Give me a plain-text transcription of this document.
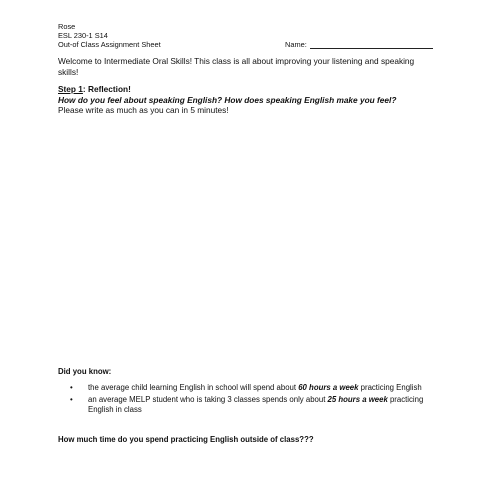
Rose
ESL 230-1 S14
Out-of Class Assignment Sheet	Name:
Welcome to Intermediate Oral Skills! This class is all about improving your listening and speaking skills!
Step 1: Reflection!
How do you feel about speaking English? How does speaking English make you feel?
Please write as much as you can in 5 minutes!
Did you know:
• the average child learning English in school will spend about 60 hours a week practicing English
• an average MELP student who is taking 3 classes spends only about 25 hours a week practicing English in class
How much time do you spend practicing English outside of class???
